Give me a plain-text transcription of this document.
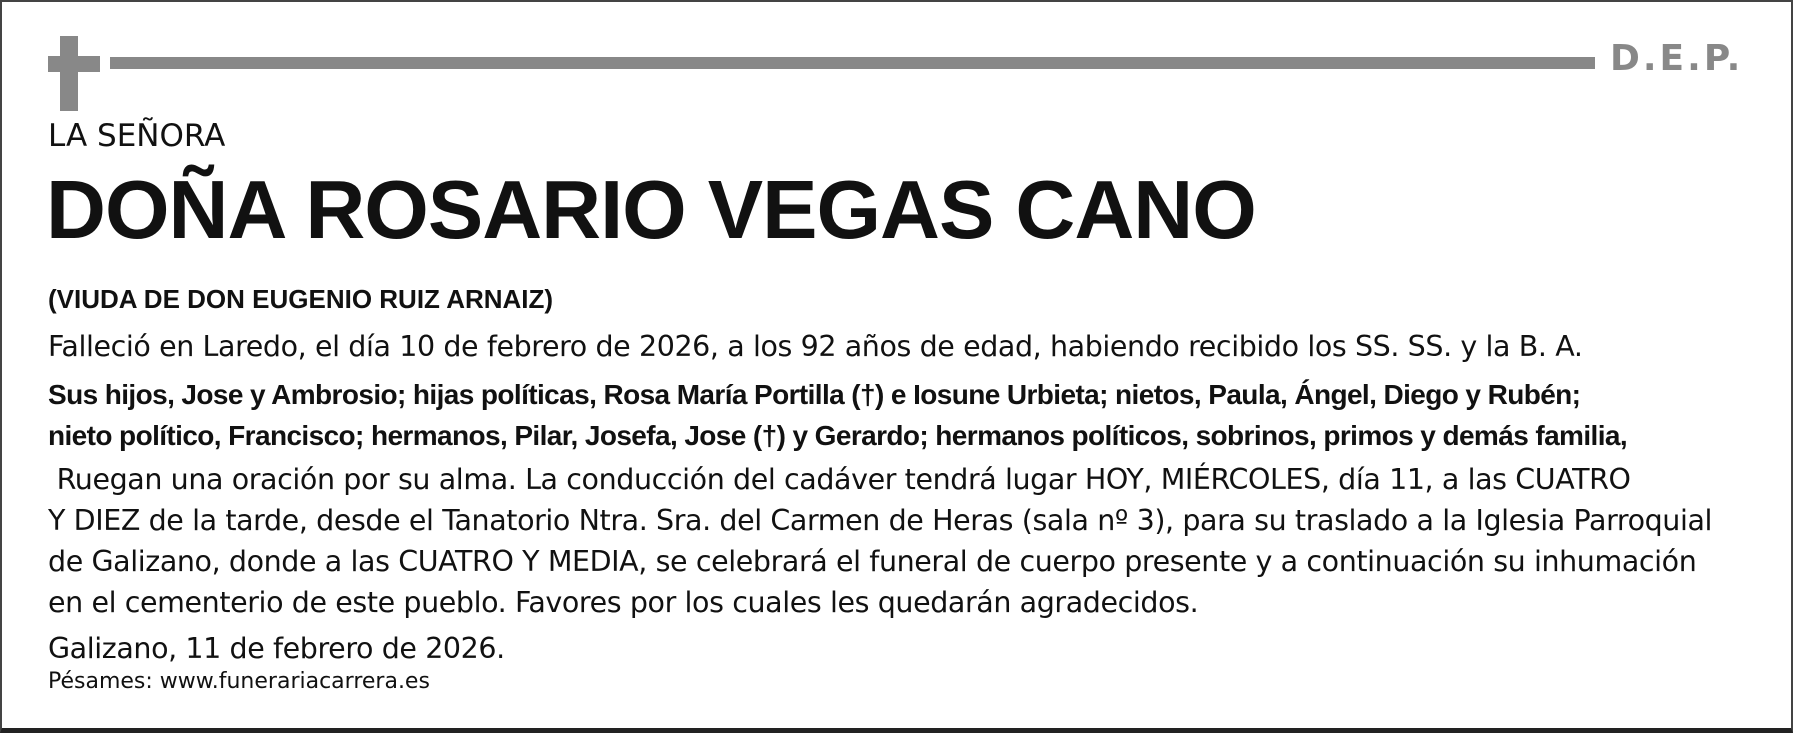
D.E.P.
LA SEÑORA
DOÑA ROSARIO VEGAS CANO
(VIUDA DE DON EUGENIO RUIZ ARNAIZ)
Falleció en Laredo, el día 10 de febrero de 2026, a los 92 años de edad, habiendo recibido los SS. SS. y la B. A.
Sus hijos, Jose y Ambrosio; hijas políticas, Rosa María Portilla (†) e Iosune Urbieta; nietos, Paula, Ángel, Diego y Rubén;
nieto político, Francisco; hermanos, Pilar, Josefa, Jose (†) y Gerardo; hermanos políticos, sobrinos, primos y demás familia,
Ruegan una oración por su alma. La conducción del cadáver tendrá lugar HOY, MIÉRCOLES, día 11, a las CUATRO
Y DIEZ de la tarde, desde el Tanatorio Ntra. Sra. del Carmen de Heras (sala nº 3), para su traslado a la Iglesia Parroquial
de Galizano, donde a las CUATRO Y MEDIA, se celebrará el funeral de cuerpo presente y a continuación su inhumación
en el cementerio de este pueblo. Favores por los cuales les quedarán agradecidos.
Galizano, 11 de febrero de 2026.
Pésames: www.funerariacarrera.es
